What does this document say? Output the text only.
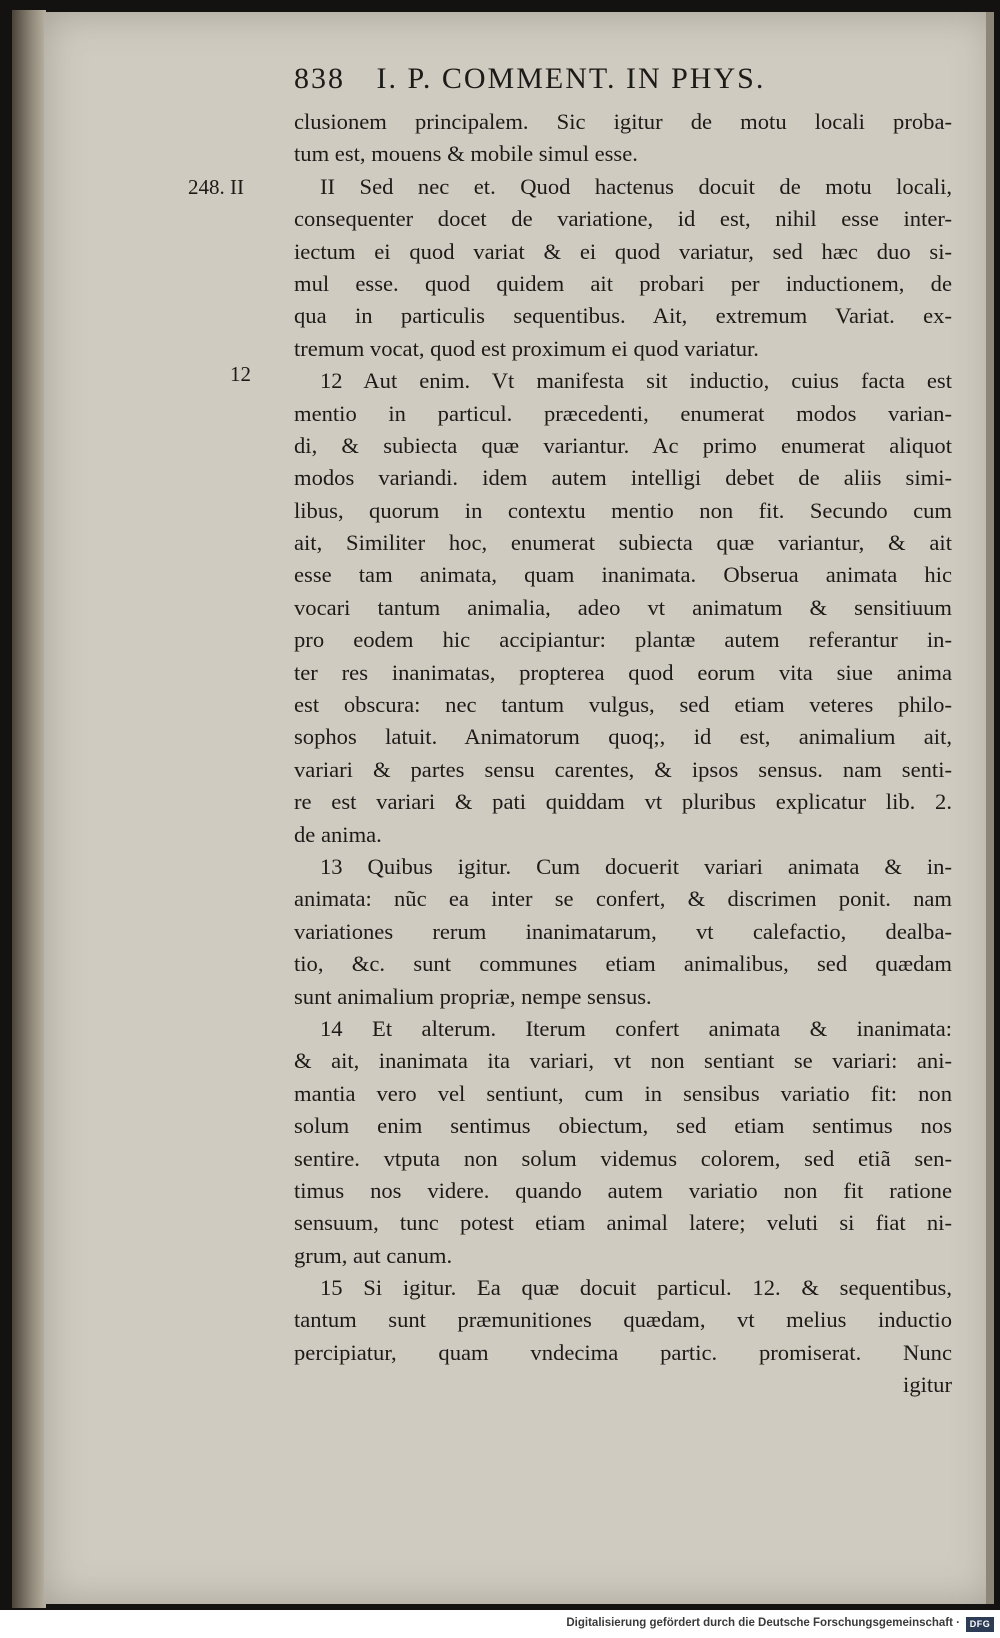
838 I. P. COMMENT. IN PHYS.
248. II
12
clusionem principalem. Sic igitur de motu locali proba-
tum est, mouens & mobile simul esse.
II Sed nec et. Quod hactenus docuit de motu locali,
consequenter docet de variatione, id est, nihil esse inter-
iectum ei quod variat & ei quod variatur, sed hæc duo si-
mul esse. quod quidem ait probari per inductionem, de
qua in particulis sequentibus. Ait, extremum Variat. ex-
tremum vocat, quod est proximum ei quod variatur.
12 Aut enim. Vt manifesta sit inductio, cuius facta est
mentio in particul. præcedenti, enumerat modos varian-
di, & subiecta quæ variantur. Ac primo enumerat aliquot
modos variandi. idem autem intelligi debet de aliis simi-
libus, quorum in contextu mentio non fit. Secundo cum
ait, Similiter hoc, enumerat subiecta quæ variantur, & ait
esse tam animata, quam inanimata. Obserua animata hic
vocari tantum animalia, adeo vt animatum & sensitiuum
pro eodem hic accipiantur: plantæ autem referantur in-
ter res inanimatas, propterea quod eorum vita siue anima
est obscura: nec tantum vulgus, sed etiam veteres philo-
sophos latuit. Animatorum quoq;, id est, animalium ait,
variari & partes sensu carentes, & ipsos sensus. nam senti-
re est variari & pati quiddam vt pluribus explicatur lib. 2.
de anima.
13 Quibus igitur. Cum docuerit variari animata & in-
animata: nũc ea inter se confert, & discrimen ponit. nam
variationes rerum inanimatarum, vt calefactio, dealba-
tio, &c. sunt communes etiam animalibus, sed quædam
sunt animalium propriæ, nempe sensus.
14 Et alterum. Iterum confert animata & inanimata:
& ait, inanimata ita variari, vt non sentiant se variari: ani-
mantia vero vel sentiunt, cum in sensibus variatio fit: non
solum enim sentimus obiectum, sed etiam sentimus nos
sentire. vtputa non solum videmus colorem, sed etiã sen-
timus nos videre. quando autem variatio non fit ratione
sensuum, tunc potest etiam animal latere; veluti si fiat ni-
grum, aut canum.
15 Si igitur. Ea quæ docuit particul. 12. & sequentibus,
tantum sunt præmunitiones quædam, vt melius inductio
percipiatur, quam vndecima partic. promiserat. Nunc
igitur
Digitalisierung gefördert durch die Deutsche Forschungsgemeinschaft ·	DFG
